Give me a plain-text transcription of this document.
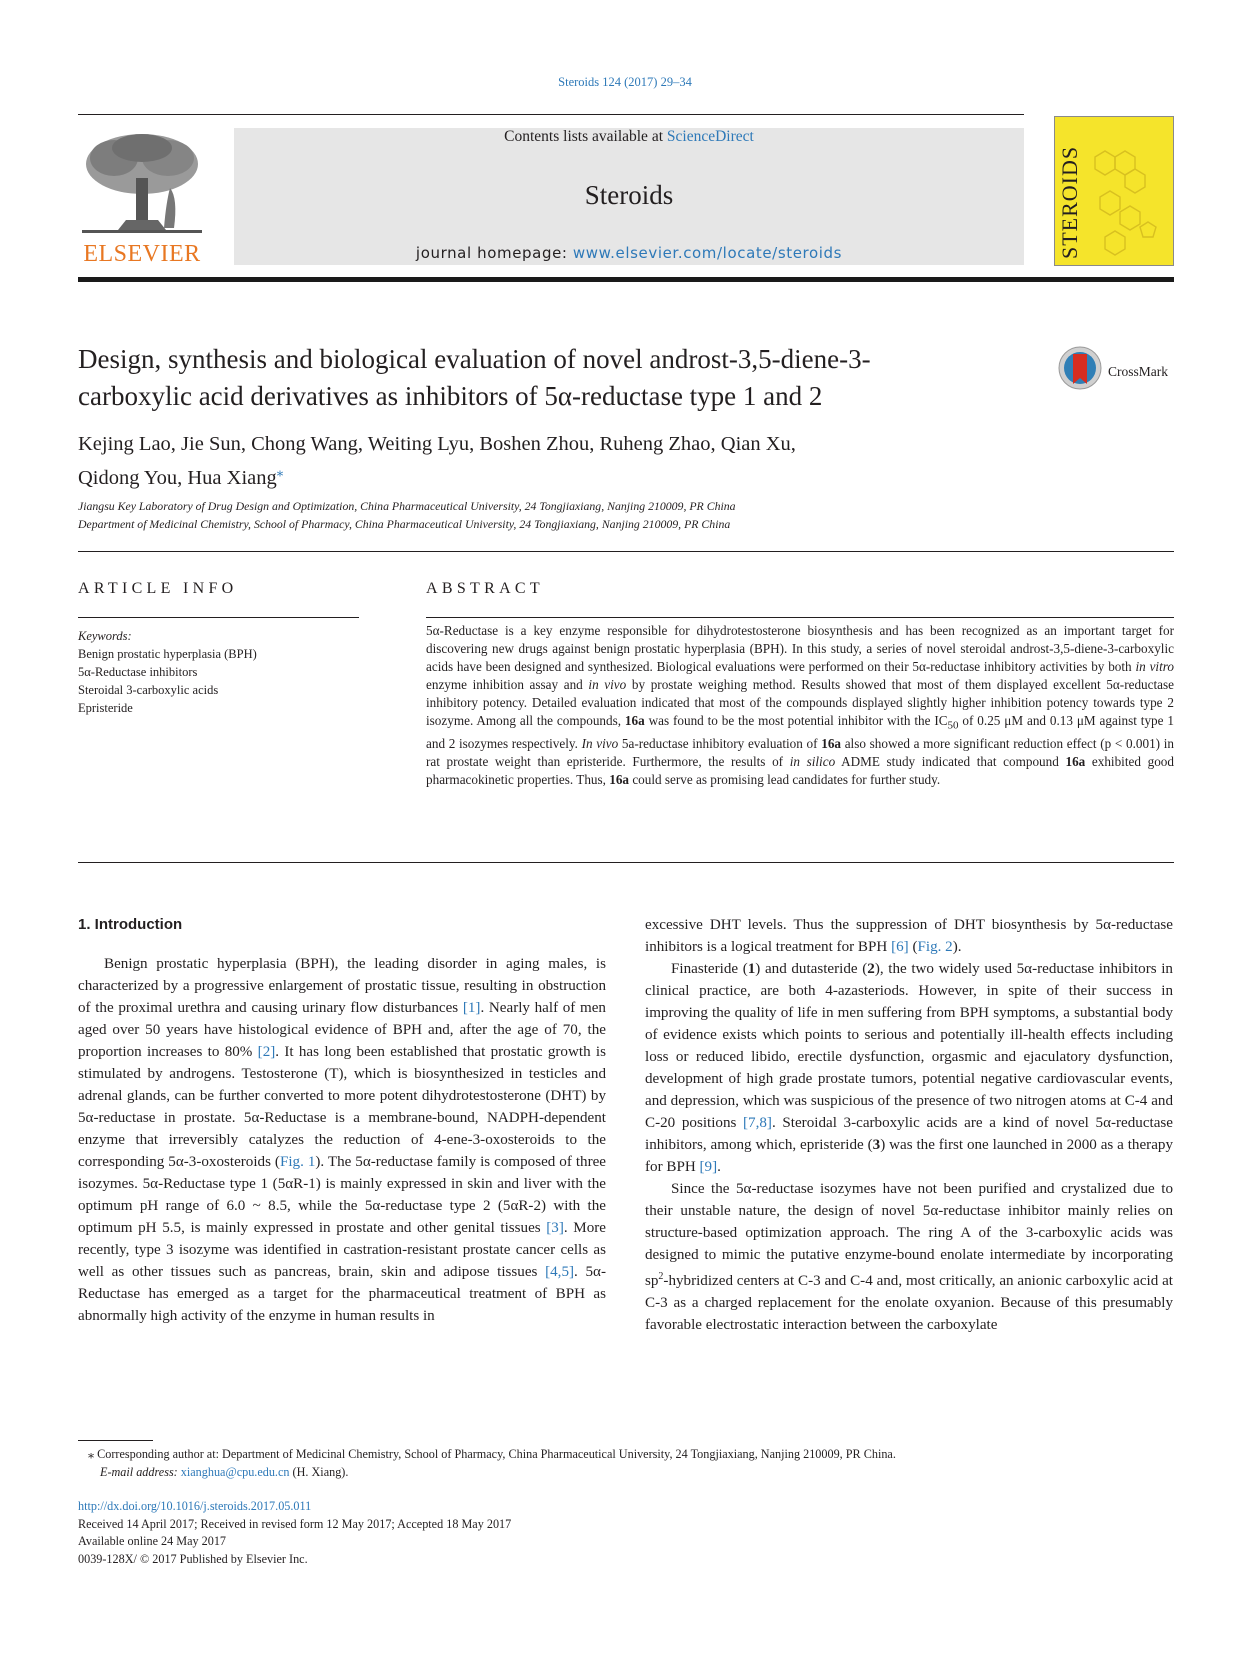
Steroids 124 (2017) 29–34
ELSEVIER
Contents lists available at ScienceDirect
Steroids
journal homepage: www.elsevier.com/locate/steroids	STEROIDS
Design, synthesis and biological evaluation of novel androst-3,5-diene-3-
carboxylic acid derivatives as inhibitors of 5α-reductase type 1 and 2
CrossMark
Kejing Lao, Jie Sun, Chong Wang, Weiting Lyu, Boshen Zhou, Ruheng Zhao, Qian Xu,
Qidong You, Hua Xiang⁎
Jiangsu Key Laboratory of Drug Design and Optimization, China Pharmaceutical University, 24 Tongjiaxiang, Nanjing 210009, PR China
Department of Medicinal Chemistry, School of Pharmacy, China Pharmaceutical University, 24 Tongjiaxiang, Nanjing 210009, PR China
ARTICLE INFO
Keywords:
Benign prostatic hyperplasia (BPH)
5α-Reductase inhibitors
Steroidal 3-carboxylic acids
Epristeride
ABSTRACT
5α-Reductase is a key enzyme responsible for dihydrotestosterone biosynthesis and has been recognized as an important target for discovering new drugs against benign prostatic hyperplasia (BPH). In this study, a series of novel steroidal androst-3,5-diene-3-carboxylic acids have been designed and synthesized. Biological evaluations were performed on their 5α-reductase inhibitory activities by both in vitro enzyme inhibition assay and in vivo by prostate weighing method. Results showed that most of them displayed excellent 5α-reductase inhibitory potency. Detailed evaluation indicated that most of the compounds displayed slightly higher inhibition potency towards type 2 isozyme. Among all the compounds, 16a was found to be the most potential inhibitor with the $IC_{50}$ of 0.25 μM and 0.13 μM against type 1 and 2 isozymes respectively. In vivo 5a-reductase inhibitory evaluation of 16a also showed a more significant reduction effect (p < 0.001) in rat prostate weight than epristeride. Furthermore, the results of in silico ADME study indicated that compound 16a exhibited good pharmacokinetic properties. Thus, 16a could serve as promising lead candidates for further study.
1. Introduction
Benign prostatic hyperplasia (BPH), the leading disorder in aging males, is characterized by a progressive enlargement of prostatic tissue, resulting in obstruction of the proximal urethra and causing urinary flow disturbances [1]. Nearly half of men aged over 50 years have histological evidence of BPH and, after the age of 70, the proportion increases to 80% [2]. It has long been established that prostatic growth is stimulated by androgens. Testosterone (T), which is biosynthesized in testicles and adrenal glands, can be further converted to more potent dihydrotestosterone (DHT) by 5α-reductase in prostate. 5α-Reductase is a membrane-bound, NADPH-dependent enzyme that irreversibly catalyzes the reduction of 4-ene-3-oxosteroids to the corresponding 5α-3-oxosteroids (Fig. 1). The 5α-reductase family is composed of three isozymes. 5α-Reductase type 1 (5αR-1) is mainly expressed in skin and liver with the optimum pH range of 6.0 ~ 8.5, while the 5α-reductase type 2 (5αR-2) with the optimum pH 5.5, is mainly expressed in prostate and other genital tissues [3]. More recently, type 3 isozyme was identified in castration-resistant prostate cancer cells as well as other tissues such as pancreas, brain, skin and adipose tissues [4,5]. 5α-Reductase has emerged as a target for the pharmaceutical treatment of BPH as abnormally high activity of the enzyme in human results in
excessive DHT levels. Thus the suppression of DHT biosynthesis by 5α-reductase inhibitors is a logical treatment for BPH [6] (Fig. 2).
Finasteride (1) and dutasteride (2), the two widely used 5α-reductase inhibitors in clinical practice, are both 4-azasteriods. However, in spite of their success in improving the quality of life in men suffering from BPH symptoms, a substantial body of evidence exists which points to serious and potentially ill-health effects including loss or reduced libido, erectile dysfunction, orgasmic and ejaculatory dysfunction, development of high grade prostate tumors, potential negative cardiovascular events, and depression, which was suspicious of the presence of two nitrogen atoms at C-4 and C-20 positions [7,8]. Steroidal 3-carboxylic acids are a kind of novel 5α-reductase inhibitors, among which, epristeride (3) was the first one launched in 2000 as a therapy for BPH [9].
Since the 5α-reductase isozymes have not been purified and crystalized due to their unstable nature, the design of novel 5α-reductase inhibitor mainly relies on structure-based optimization approach. The ring A of the 3-carboxylic acids was designed to mimic the putative enzyme-bound enolate intermediate by incorporating $sp^2$-hybridized centers at C-3 and C-4 and, most critically, an anionic carboxylic acid at C-3 as a charged replacement for the enolate oxyanion. Because of this presumably favorable electrostatic interaction between the carboxylate
⁎ Corresponding author at: Department of Medicinal Chemistry, School of Pharmacy, China Pharmaceutical University, 24 Tongjiaxiang, Nanjing 210009, PR China.
E-mail address: xianghua@cpu.edu.cn (H. Xiang).
http://dx.doi.org/10.1016/j.steroids.2017.05.011
Received 14 April 2017; Received in revised form 12 May 2017; Accepted 18 May 2017
Available online 24 May 2017
0039-128X/ © 2017 Published by Elsevier Inc.
